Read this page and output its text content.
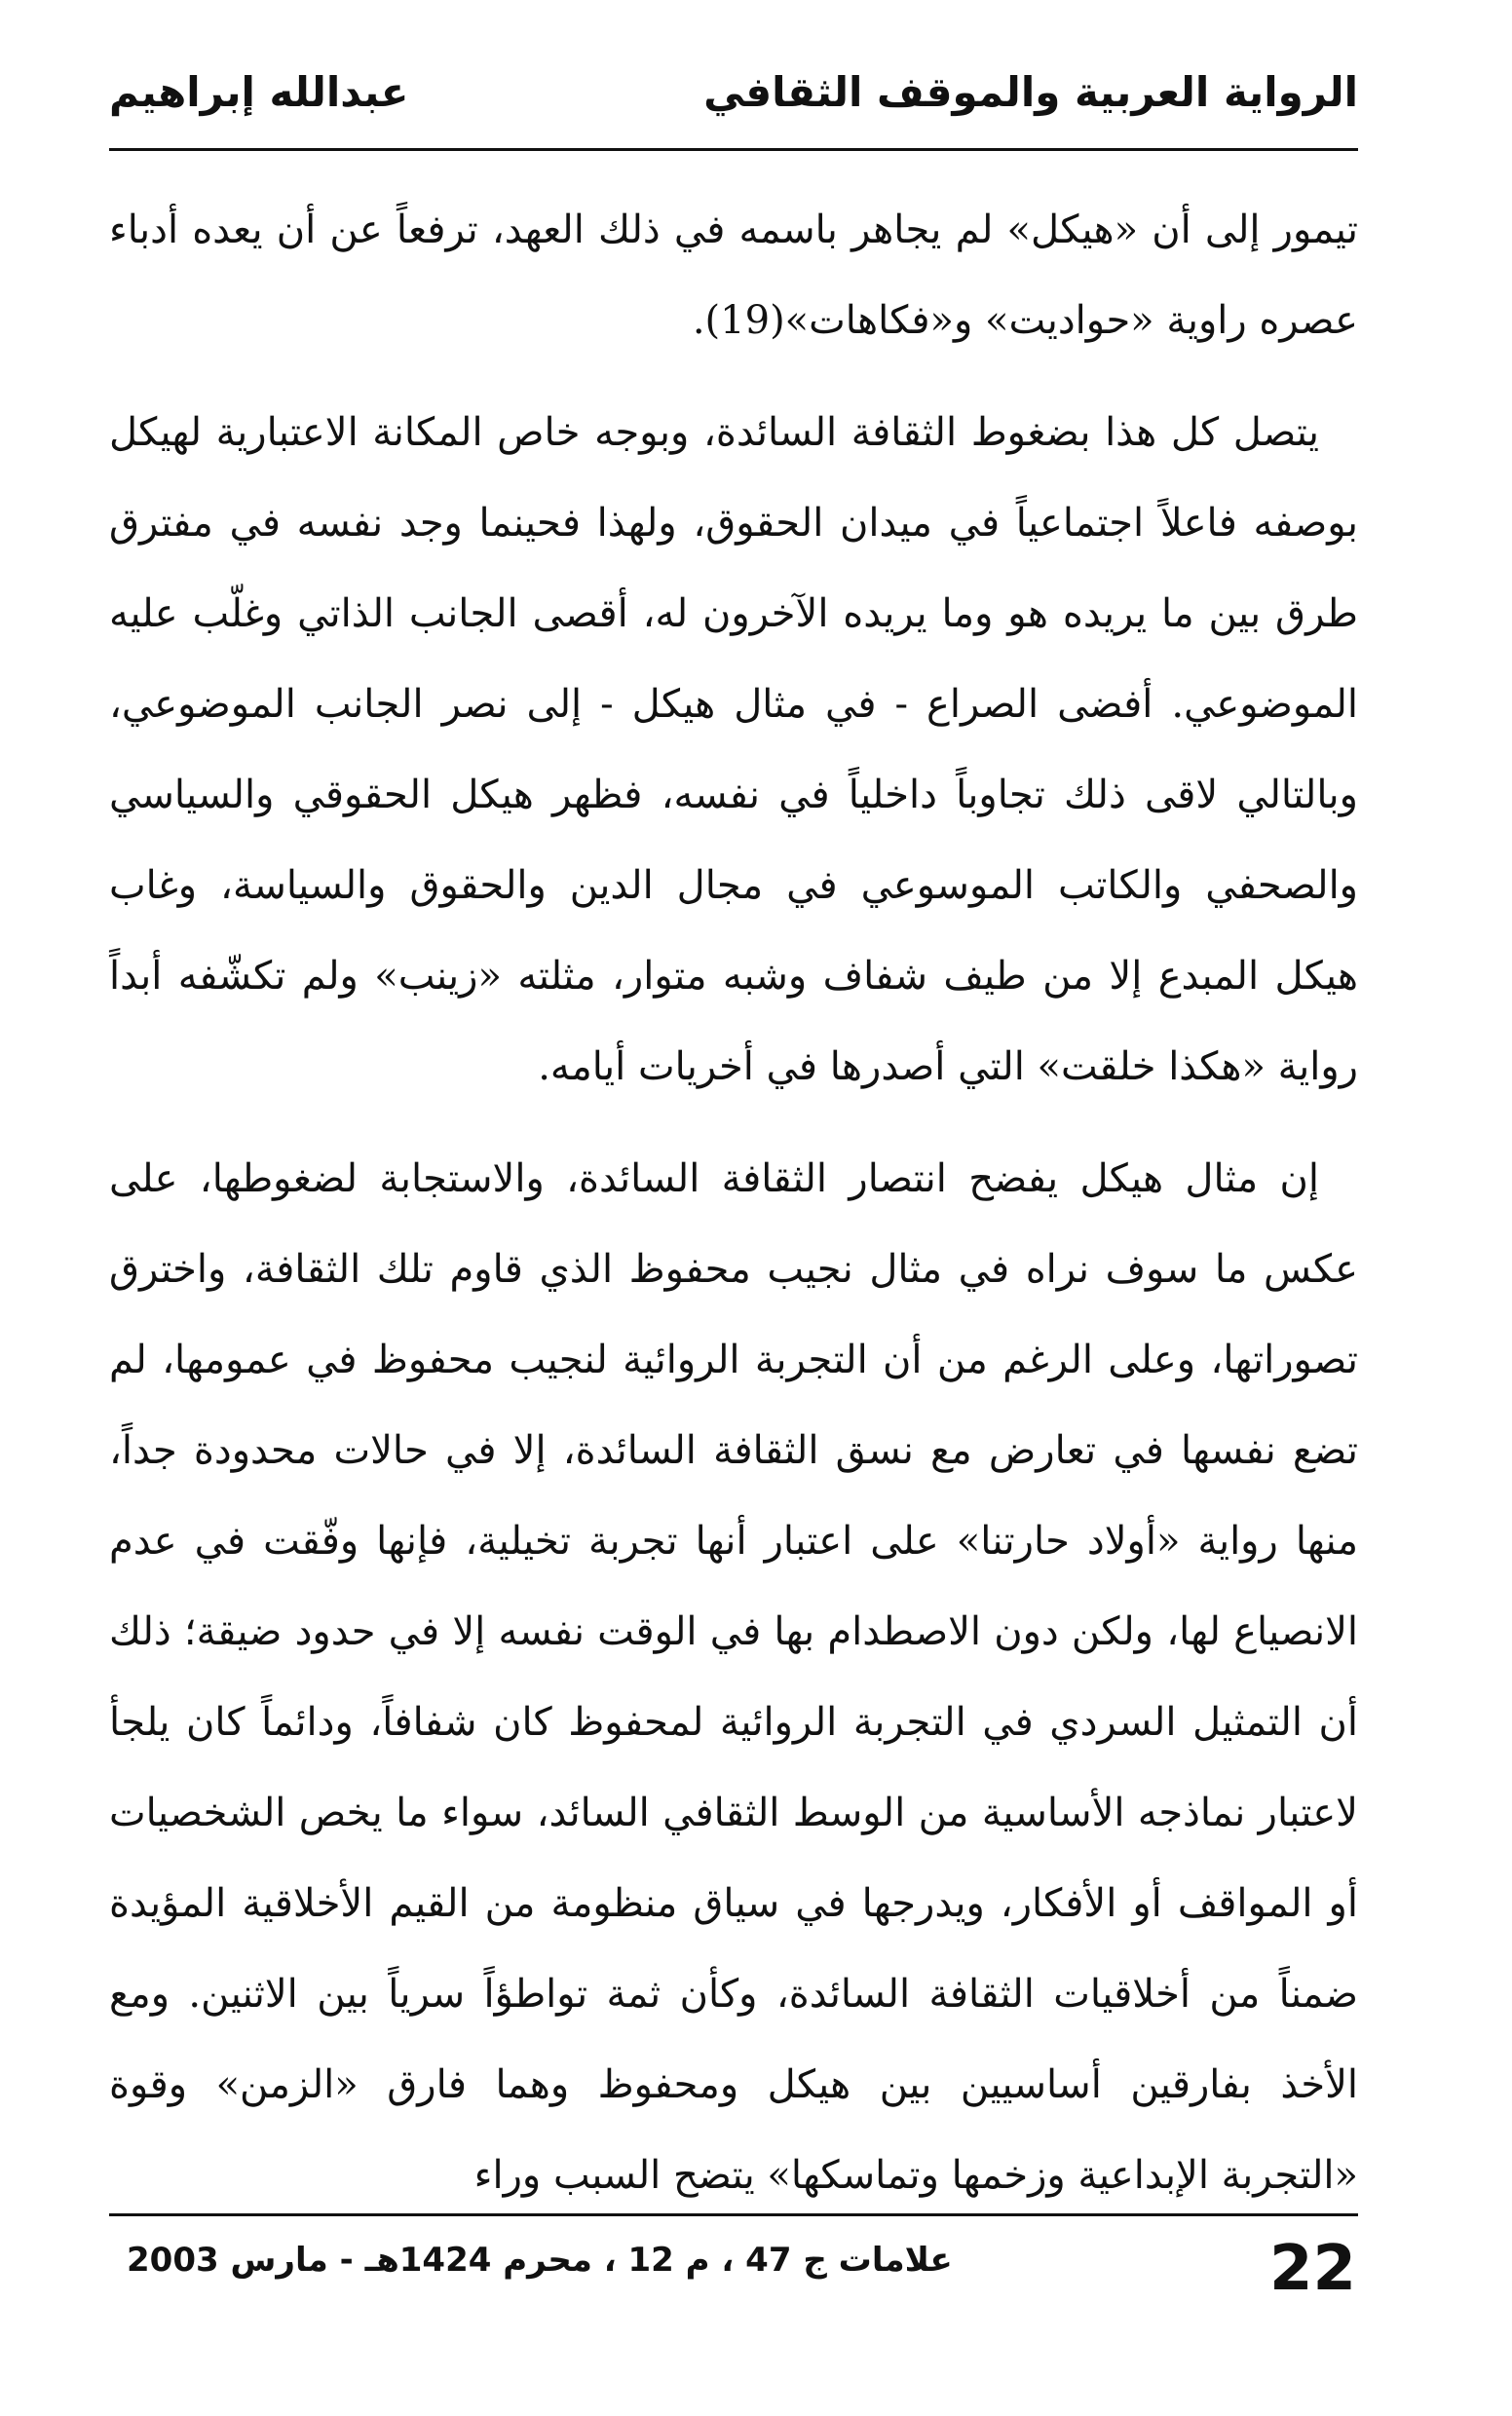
الرواية العربية والموقف الثقافي
عبدالله إبراهيم

تيمور إلى أن «هيكل» لم يجاهر باسمه في ذلك العهد، ترفعاً عن أن يعده أدباء عصره راوية «حواديت» و«فكاهات»(19).

يتصل كل هذا بضغوط الثقافة السائدة، وبوجه خاص المكانة الاعتبارية لهيكل بوصفه فاعلاً اجتماعياً في ميدان الحقوق، ولهذا فحينما وجد نفسه في مفترق طرق بين ما يريده هو وما يريده الآخرون له، أقصى الجانب الذاتي وغلّب عليه الموضوعي. أفضى الصراع - في مثال هيكل - إلى نصر الجانب الموضوعي، وبالتالي لاقى ذلك تجاوباً داخلياً في نفسه، فظهر هيكل الحقوقي والسياسي والصحفي والكاتب الموسوعي في مجال الدين والحقوق والسياسة، وغاب هيكل المبدع إلا من طيف شفاف وشبه متوار، مثلته «زينب» ولم تكشّفه أبداً رواية «هكذا خلقت» التي أصدرها في أخريات أيامه.

إن مثال هيكل يفضح انتصار الثقافة السائدة، والاستجابة لضغوطها، على عكس ما سوف نراه في مثال نجيب محفوظ الذي قاوم تلك الثقافة، واخترق تصوراتها، وعلى الرغم من أن التجربة الروائية لنجيب محفوظ في عمومها، لم تضع نفسها في تعارض مع نسق الثقافة السائدة، إلا في حالات محدودة جداً، منها رواية «أولاد حارتنا» على اعتبار أنها تجربة تخيلية، فإنها وفّقت في عدم الانصياع لها، ولكن دون الاصطدام بها في الوقت نفسه إلا في حدود ضيقة؛ ذلك أن التمثيل السردي في التجربة الروائية لمحفوظ كان شفافاً، ودائماً كان يلجأ لاعتبار نماذجه الأساسية من الوسط الثقافي السائد، سواء ما يخص الشخصيات أو المواقف أو الأفكار، ويدرجها في سياق منظومة من القيم الأخلاقية المؤيدة ضمناً من أخلاقيات الثقافة السائدة، وكأن ثمة تواطؤاً سرياً بين الاثنين. ومع الأخذ بفارقين أساسيين بين هيكل ومحفوظ وهما فارق «الزمن» وقوة «التجربة الإبداعية وزخمها وتماسكها» يتضح السبب وراء

علامات ج 47 ، م 12 ، محرم 1424هـ - مارس 2003	22
